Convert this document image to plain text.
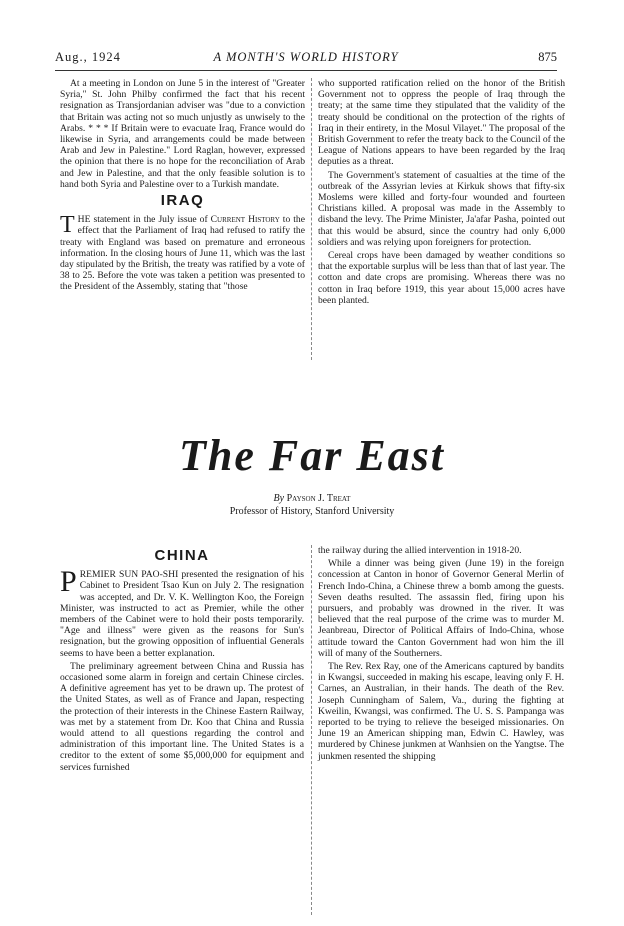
Aug., 1924	A MONTH'S WORLD HISTORY	875

At a meeting in London on June 5 in the interest of "Greater Syria," St. John Philby confirmed the fact that his recent resignation as Transjordanian adviser was "due to a conviction that Britain was acting not so much unjustly as unwisely to the Arabs. * * * If Britain were to evacuate Iraq, France would do likewise in Syria, and arrangements could be made between Arab and Jew in Palestine." Lord Raglan, however, expressed the opinion that there is no hope for the reconciliation of Arab and Jew in Palestine, and that the only feasible solution is to hand both Syria and Palestine over to a Turkish mandate.

IRAQ

THE statement in the July issue of Current History to the effect that the Parliament of Iraq had refused to ratify the treaty with England was based on premature and erroneous information. In the closing hours of June 11, which was the last day stipulated by the British, the treaty was ratified by a vote of 38 to 25. Before the vote was taken a petition was presented to the President of the Assembly, stating that "those

who supported ratification relied on the honor of the British Government not to oppress the people of Iraq through the treaty; at the same time they stipulated that the validity of the treaty should be conditional on the protection of the rights of Iraq in their entirety, in the Mosul Vilayet." The proposal of the British Government to refer the treaty back to the Council of the League of Nations appears to have been regarded by the Iraq deputies as a threat.

The Government's statement of casualties at the time of the outbreak of the Assyrian levies at Kirkuk shows that fifty-six Moslems were killed and forty-four wounded and fourteen Christians killed. A proposal was made in the Assembly to disband the levy. The Prime Minister, Ja'afar Pasha, pointed out that this would be absurd, since the country had only 6,000 soldiers and was relying upon foreigners for protection.

Cereal crops have been damaged by weather conditions so that the exportable surplus will be less than that of last year. The cotton and date crops are promising. Whereas there was no cotton in Iraq before 1919, this year about 15,000 acres have been planted.

The Far East
By Payson J. Treat
Professor of History, Stanford University
CHINA

PREMIER SUN PAO-SHI presented the resignation of his Cabinet to President Tsao Kun on July 2. The resignation was accepted, and Dr. V. K. Wellington Koo, the Foreign Minister, was instructed to act as Premier, while the other members of the Cabinet were to hold their posts temporarily. "Age and illness" were given as the reasons for Sun's resignation, but the growing opposition of influential Generals seems to have been a better explanation.

The preliminary agreement between China and Russia has occasioned some alarm in foreign and certain Chinese circles. A definitive agreement has yet to be drawn up. The protest of the United States, as well as of France and Japan, respecting the protection of their interests in the Chinese Eastern Railway, was met by a statement from Dr. Koo that China and Russia would attend to all questions regarding the control and administration of this important line. The United States is a creditor to the extent of some $5,000,000 for equipment and services furnished

the railway during the allied intervention in 1918-20.

While a dinner was being given (June 19) in the foreign concession at Canton in honor of Governor General Merlin of French Indo-China, a Chinese threw a bomb among the guests. Seven deaths resulted. The assassin fled, firing upon his pursuers, and probably was drowned in the river. It was believed that the real purpose of the crime was to murder M. Jeanbreau, Director of Political Affairs of Indo-China, whose attitude toward the Canton Government had won him the ill will of many of the Southerners.

The Rev. Rex Ray, one of the Americans captured by bandits in Kwangsi, succeeded in making his escape, leaving only F. H. Carnes, an Australian, in their hands. The death of the Rev. Joseph Cunningham of Salem, Va., during the fighting at Kweilin, Kwangsi, was confirmed. The U. S. S. Pampanga was reported to be trying to relieve the beseiged missionaries. On June 19 an American shipping man, Edwin C. Hawley, was murdered by Chinese junkmen at Wanhsien on the Yangtse. The junkmen resented the shipping
